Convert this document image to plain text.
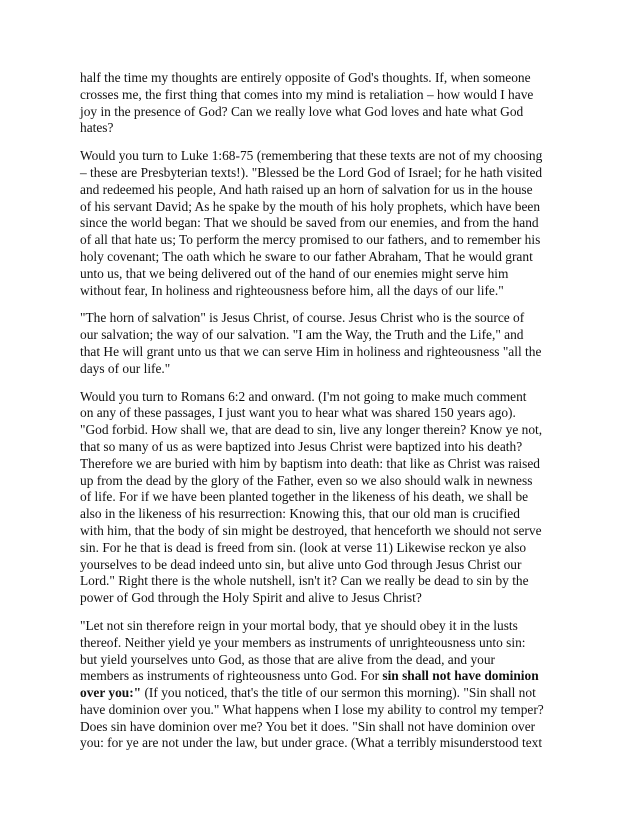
half the time my thoughts are entirely opposite of God's thoughts. If, when someone
crosses me, the first thing that comes into my mind is retaliation – how would I have
joy in the presence of God? Can we really love what God loves and hate what God
hates?

Would you turn to Luke 1:68-75 (remembering that these texts are not of my choosing
– these are Presbyterian texts!). "Blessed be the Lord God of Israel; for he hath visited
and redeemed his people, And hath raised up an horn of salvation for us in the house
of his servant David; As he spake by the mouth of his holy prophets, which have been
since the world began: That we should be saved from our enemies, and from the hand
of all that hate us; To perform the mercy promised to our fathers, and to remember his
holy covenant; The oath which he sware to our father Abraham, That he would grant
unto us, that we being delivered out of the hand of our enemies might serve him
without fear, In holiness and righteousness before him, all the days of our life."

"The horn of salvation" is Jesus Christ, of course. Jesus Christ who is the source of
our salvation; the way of our salvation. "I am the Way, the Truth and the Life," and
that He will grant unto us that we can serve Him in holiness and righteousness "all the
days of our life."

Would you turn to Romans 6:2 and onward. (I'm not going to make much comment
on any of these passages, I just want you to hear what was shared 150 years ago).
"God forbid. How shall we, that are dead to sin, live any longer therein? Know ye not,
that so many of us as were baptized into Jesus Christ were baptized into his death?
Therefore we are buried with him by baptism into death: that like as Christ was raised
up from the dead by the glory of the Father, even so we also should walk in newness
of life. For if we have been planted together in the likeness of his death, we shall be
also in the likeness of his resurrection: Knowing this, that our old man is crucified
with him, that the body of sin might be destroyed, that henceforth we should not serve
sin. For he that is dead is freed from sin. (look at verse 11) Likewise reckon ye also
yourselves to be dead indeed unto sin, but alive unto God through Jesus Christ our
Lord." Right there is the whole nutshell, isn't it? Can we really be dead to sin by the
power of God through the Holy Spirit and alive to Jesus Christ?

"Let not sin therefore reign in your mortal body, that ye should obey it in the lusts
thereof. Neither yield ye your members as instruments of unrighteousness unto sin:
but yield yourselves unto God, as those that are alive from the dead, and your
members as instruments of righteousness unto God. For sin shall not have dominion
over you:" (If you noticed, that's the title of our sermon this morning). "Sin shall not
have dominion over you." What happens when I lose my ability to control my temper?
Does sin have dominion over me? You bet it does. "Sin shall not have dominion over
you: for ye are not under the law, but under grace. (What a terribly misunderstood text
